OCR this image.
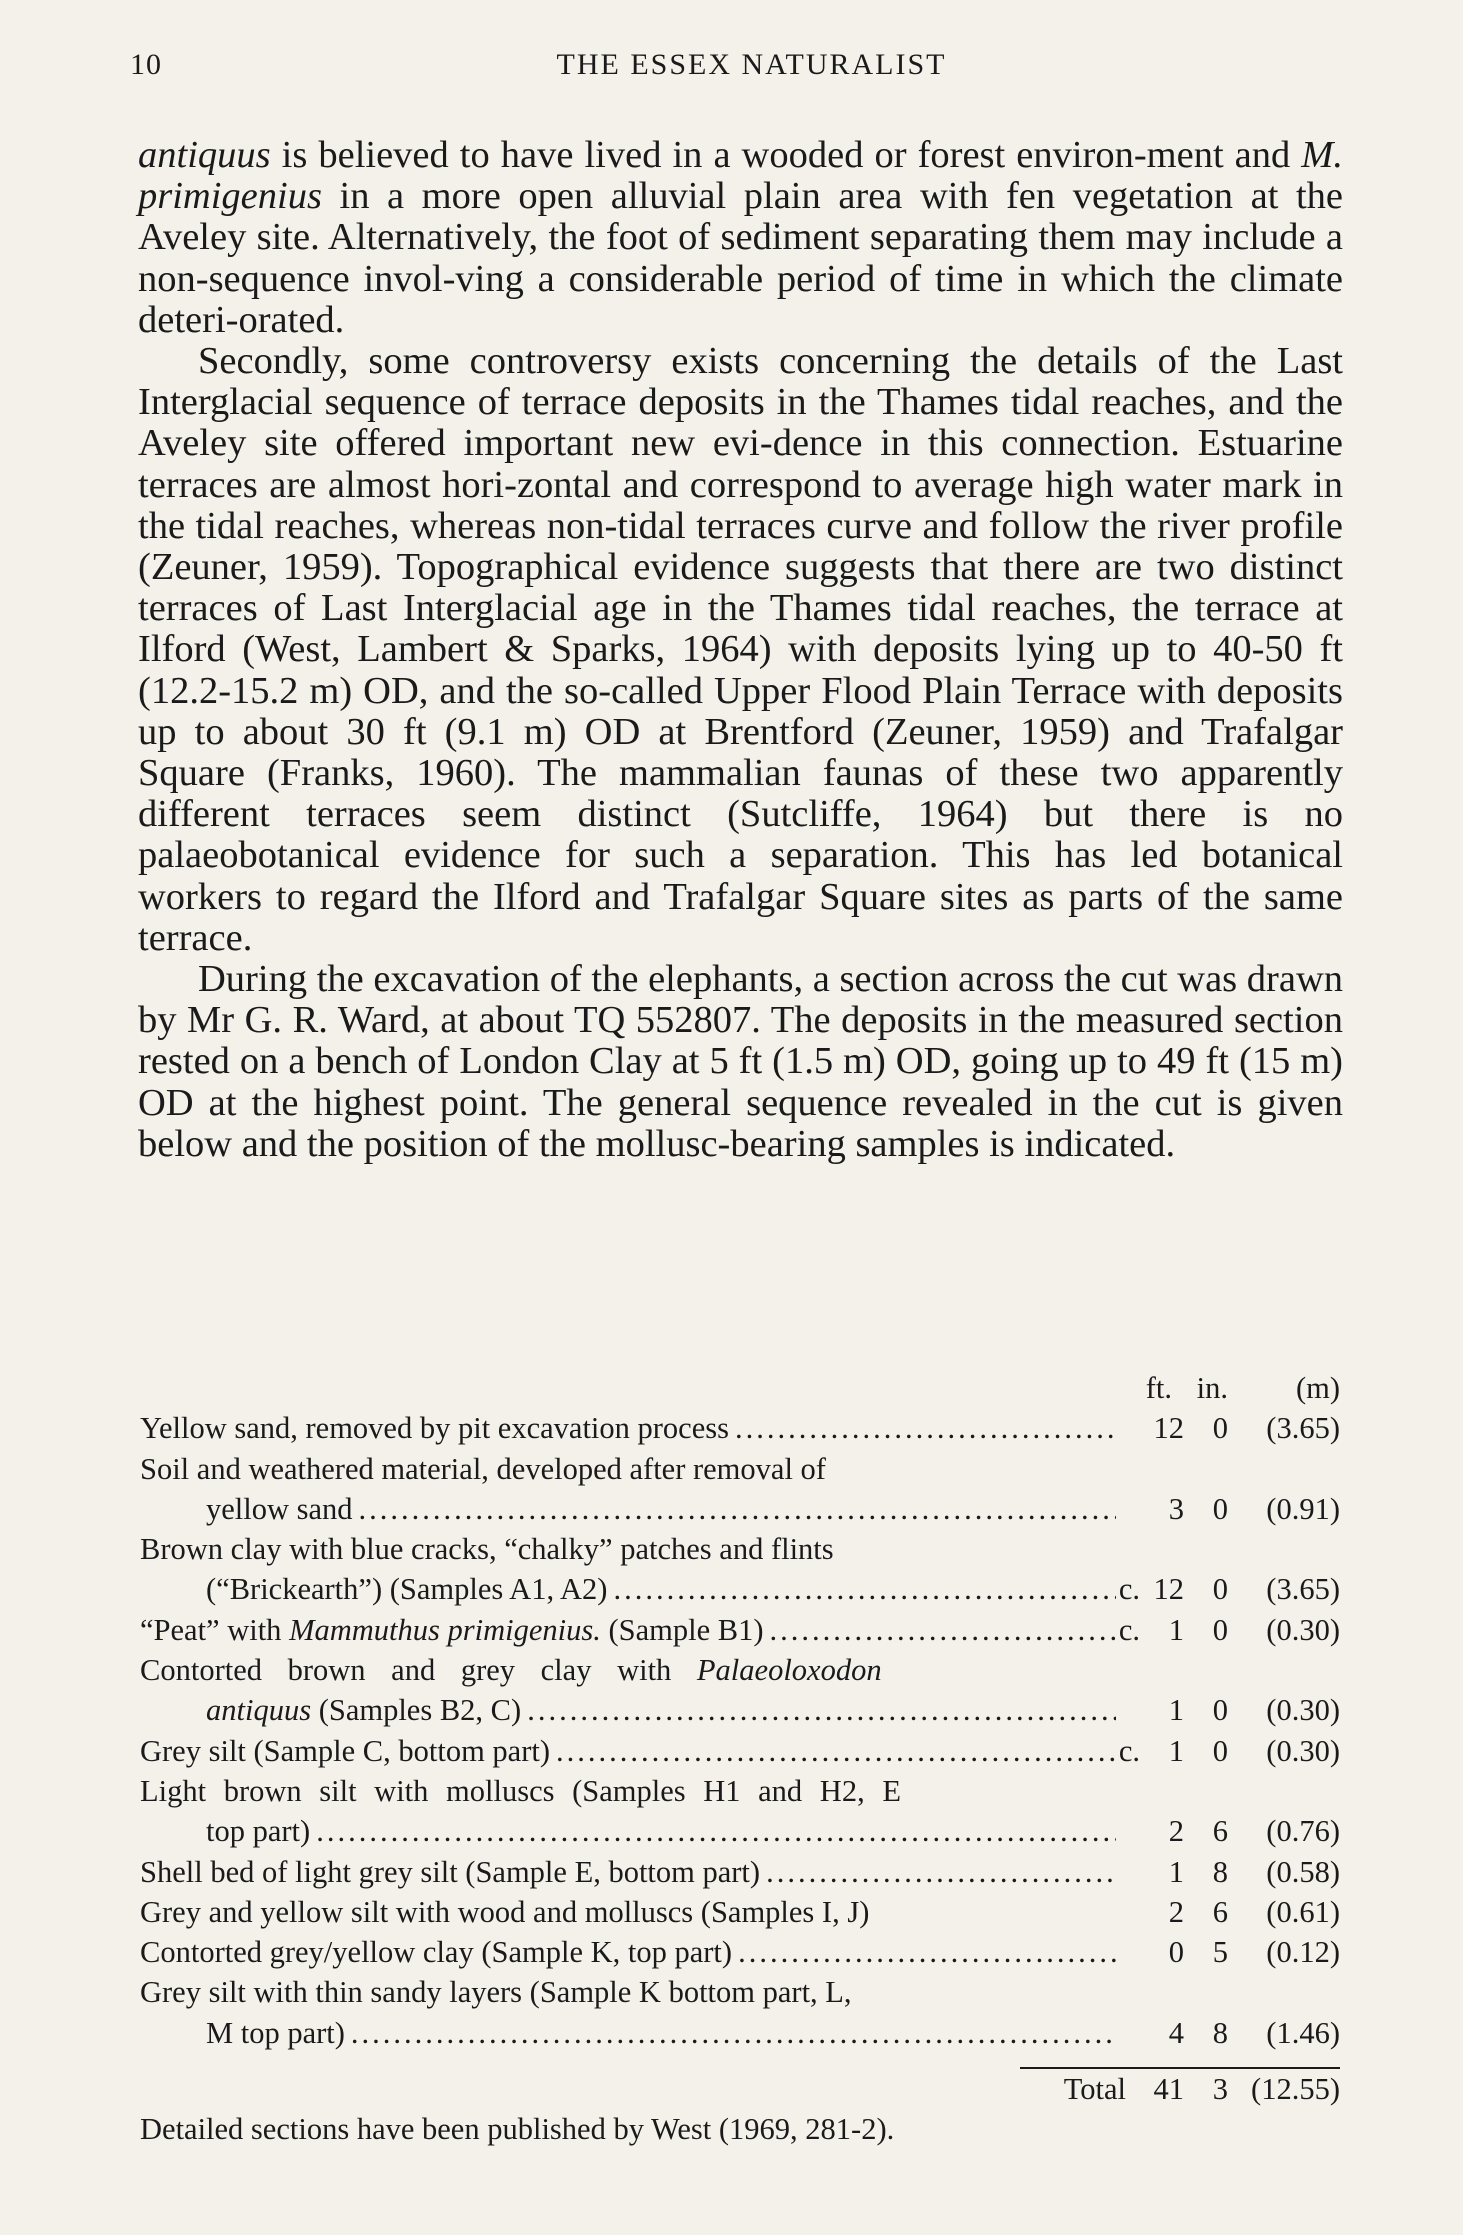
10	THE ESSEX NATURALIST

antiquus is believed to have lived in a wooded or forest environ-ment and M. primigenius in a more open alluvial plain area with fen vegetation at the Aveley site. Alternatively, the foot of sediment separating them may include a non-sequence invol-ving a considerable period of time in which the climate deteri-orated.

Secondly, some controversy exists concerning the details of the Last Interglacial sequence of terrace deposits in the Thames tidal reaches, and the Aveley site offered important new evi-dence in this connection. Estuarine terraces are almost hori-zontal and correspond to average high water mark in the tidal reaches, whereas non-tidal terraces curve and follow the river profile (Zeuner, 1959). Topographical evidence suggests that there are two distinct terraces of Last Interglacial age in the Thames tidal reaches, the terrace at Ilford (West, Lambert & Sparks, 1964) with deposits lying up to 40-50 ft (12.2-15.2 m) OD, and the so-called Upper Flood Plain Terrace with deposits up to about 30 ft (9.1 m) OD at Brentford (Zeuner, 1959) and Trafalgar Square (Franks, 1960). The mammalian faunas of these two apparently different terraces seem distinct (Sutcliffe, 1964) but there is no palaeobotanical evidence for such a separation. This has led botanical workers to regard the Ilford and Trafalgar Square sites as parts of the same terrace.

During the excavation of the elephants, a section across the cut was drawn by Mr G. R. Ward, at about TQ 552807. The deposits in the measured section rested on a bench of London Clay at 5 ft (1.5 m) OD, going up to 49 ft (15 m) OD at the highest point. The general sequence revealed in the cut is given below and the position of the mollusc-bearing samples is indicated.

ft. in.	(m)
Yellow sand, removed by pit excavation process .....	12 0	(3.65)
Soil and weathered material, developed after removal of
yellow sand .....	3 0	(0.91)
Brown clay with blue cracks, “chalky” patches and flints
(“Brickearth”) (Samples A1, A2) .....	c. 12 0	(3.65)
“Peat” with Mammuthus primigenius. (Sample B1) .....	c. 1 0	(0.30)
Contorted brown and grey clay with Palaeoloxodon
antiquus (Samples B2, C) .....	1 0	(0.30)
Grey silt (Sample C, bottom part) .....	c. 1 0	(0.30)
Light brown silt with molluscs (Samples H1 and H2, E
top part) .....	2 6	(0.76)
Shell bed of light grey silt (Sample E, bottom part) .....	1 8	(0.58)
Grey and yellow silt with wood and molluscs (Samples I, J)	2 6	(0.61)
Contorted grey/yellow clay (Sample K, top part) .....	0 5	(0.12)
Grey silt with thin sandy layers (Sample K bottom part, L,
M top part) .....	4 8	(1.46)
Total 41 3 (12.55)
Detailed sections have been published by West (1969, 281-2).
